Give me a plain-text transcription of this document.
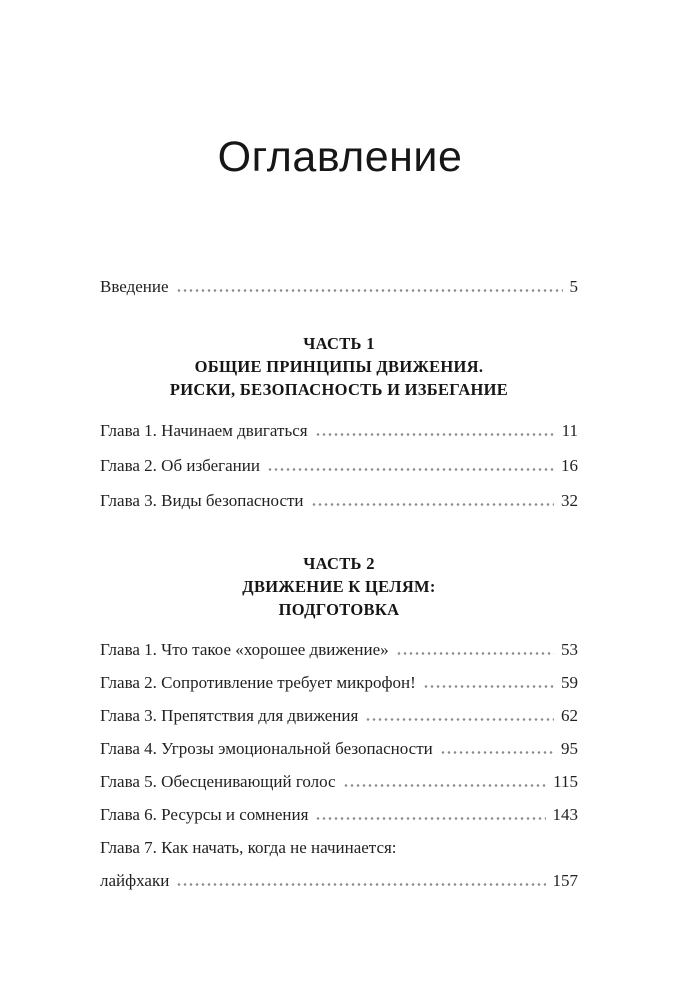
Оглавление
Введение	5
ЧАСТЬ 1
ОБЩИЕ ПРИНЦИПЫ ДВИЖЕНИЯ.
РИСКИ, БЕЗОПАСНОСТЬ И ИЗБЕГАНИЕ
Глава 1. Начинаем двигаться	11
Глава 2. Об избегании	16
Глава 3. Виды безопасности	32
ЧАСТЬ 2
ДВИЖЕНИЕ К ЦЕЛЯМ:
ПОДГОТОВКА
Глава 1. Что такое «хорошее движение»	53
Глава 2. Сопротивление требует микрофон!	59
Глава 3. Препятствия для движения	62
Глава 4. Угрозы эмоциональной безопасности	95
Глава 5. Обесценивающий голос	115
Глава 6. Ресурсы и сомнения	143
Глава 7. Как начать, когда не начинается:
лайфхаки	157
